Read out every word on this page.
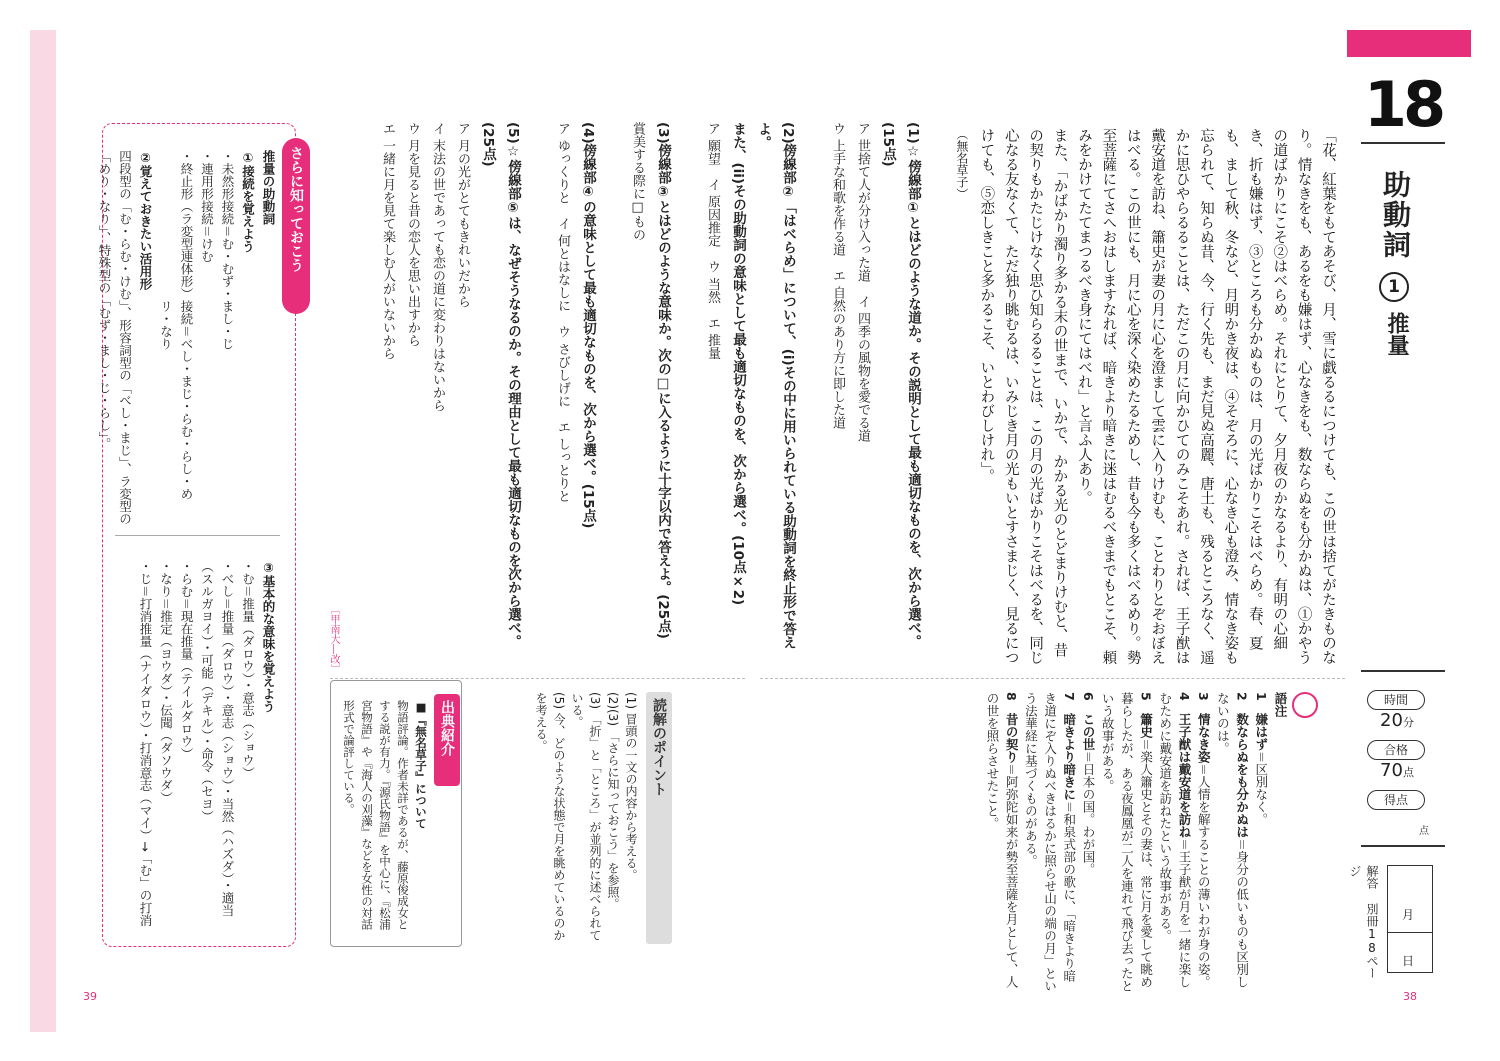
18
助動詞
1
推量
時間
20分
合格
70点
得点
点
解答 別冊18ページ
月
日

「花、紅葉をもてあそび、月、雪に戯るるにつけても、この世は捨てがたきものなり。情なきをも、あるをも嫌はず、心なきをも、数ならぬをも分かぬは、①かやうの道ばかりにこそ②はべらめ。それにとりて、夕月夜のかなるより、有明の心細き、折も嫌はず、③ところも分かぬものは、月の光ばかりこそはべらめ。春、夏も、まして秋、冬など、月明かき夜は、④そぞろに、心なき心も澄み、情なき姿も忘られて、知らぬ昔、今、行く先も、まだ見ぬ高麗、唐土も、残るところなく、遥かに思ひやらるることは、ただこの月に向かひてのみこそあれ。されば、王子猷は戴安道を訪ね、簫史が妻の月に心を澄まして雲に入りけむも、ことわりとぞおぼえはべる。この世にも、月に心を深く染めたるためし、昔も今も多くはべるめり。勢至菩薩にてさへおはしますなれば、暗きより暗きに迷はむるべきまでもとこそ、頼みをかけてたてまつるべき身にてはべれ」と言ふ人あり。

また、「かばかり濁り多かる末の世まで、いかで、かかる光のとどまりけむと、昔の契りもかたじけなく思ひ知らるることは、この月の光ばかりこそはべるを、同じ心なる友なくて、ただ独り眺むるは、いみじき月の光もいとすさまじく、見るにつけても、⑤恋しきこと多かるこそ、いとわびしけれ」。

（無名草子）

(1)☆傍線部①とはどのような道か。その説明として最も適切なものを、次から選べ。(15点)

ア 世捨て人が分け入った道　イ 四季の風物を愛でる道

ウ 上手な和歌を作る道　エ 自然のあり方に即した道

(2)傍線部②「はべらめ」について、(i)その中に用いられている助動詞を終止形で答えよ。

また、(ii)その助動詞の意味として最も適切なものを、次から選べ。(10点×2)

ア 願望　イ 原因推定　ウ 当然　エ 推量

(3)傍線部③とはどのような意味か。次の□に入るように十字以内で答えよ。(25点)

賞美する際に□もの

(4)傍線部④の意味として最も適切なものを、次から選べ。(15点)

ア ゆっくりと　イ 何とはなしに　ウ さびしげに　エ しっとりと

(5)☆傍線部⑤は、なぜそうなるのか。その理由として最も適切なものを次から選べ。(25点)

ア 月の光がとてもきれいだから

イ 末法の世であっても恋の道に変わりはないから

ウ 月を見ると昔の恋人を思い出すから

エ 一緒に月を見て楽しむ人がいないから

〔甲南大―改〕

語注

1　嫌はず＝区別なく。

2　数ならぬをも分かぬは＝身分の低いものも区別しないのは。

3　情なき姿＝人情を解することの薄いわが身の姿。

4　王子猷は戴安道を訪ね＝王子猷が月を一緒に楽しむために戴安道を訪ねたという故事がある。

5　簫史＝楽人簫史とその妻は、常に月を愛して眺め暮らしたが、ある夜鳳凰が二人を連れて飛び去ったという故事がある。

6　この世＝日本の国。わが国。

7　暗きより暗きに＝和泉式部の歌に、「暗きより暗き道にぞ入りぬべきはるかに照らせ山の端の月」という法華経に基づくものがある。

8　昔の契り＝阿弥陀如来が勢至菩薩を月として、人の世を照らさせたこと。

読解のポイント

(1) 冒頭の一文の内容から考える。

(2)(3) 「さらに知っておこう」を参照。

(3) 「折」と「ところ」が並列的に述べられている。

(5) 今、どのような状態で月を眺めているのかを考える。

出典紹介

■『無名草子』について

物語評論。作者未詳であるが、藤原俊成女とする説が有力。『源氏物語』を中心に、『松浦宮物語』や『海人の刈藻』などを女性の対話形式で論評している。

さらに知っておこう

推量の助動詞

①接続を覚えよう

・未然形接続＝む・むず・まし・じ

・連用形接続＝けむ

・終止形（ラ変型連体形）接続＝べし・まじ・らむ・らし・め

リ・なり

②覚えておきたい活用形

四段型の「む・らむ・けむ」、形容詞型の「べし・まじ」、ラ変型の「めり・なり」、特殊型の「むず・まし・じ・らし」。

③基本的な意味を覚えよう

・む＝推量（ダロウ）・意志（ショウ）

・べし＝推量（ダロウ）・意志（ショウ）・当然（ハズダ）・適当（スルガヨイ）・可能（デキル）・命令（セヨ）

・らむ＝現在推量（テイルダロウ）

・なり＝推定（ヨウダ）・伝聞（ダソウダ）

・じ＝打消推量（ナイダロウ）・打消意志（マイ）→「む」の打消

39	38
